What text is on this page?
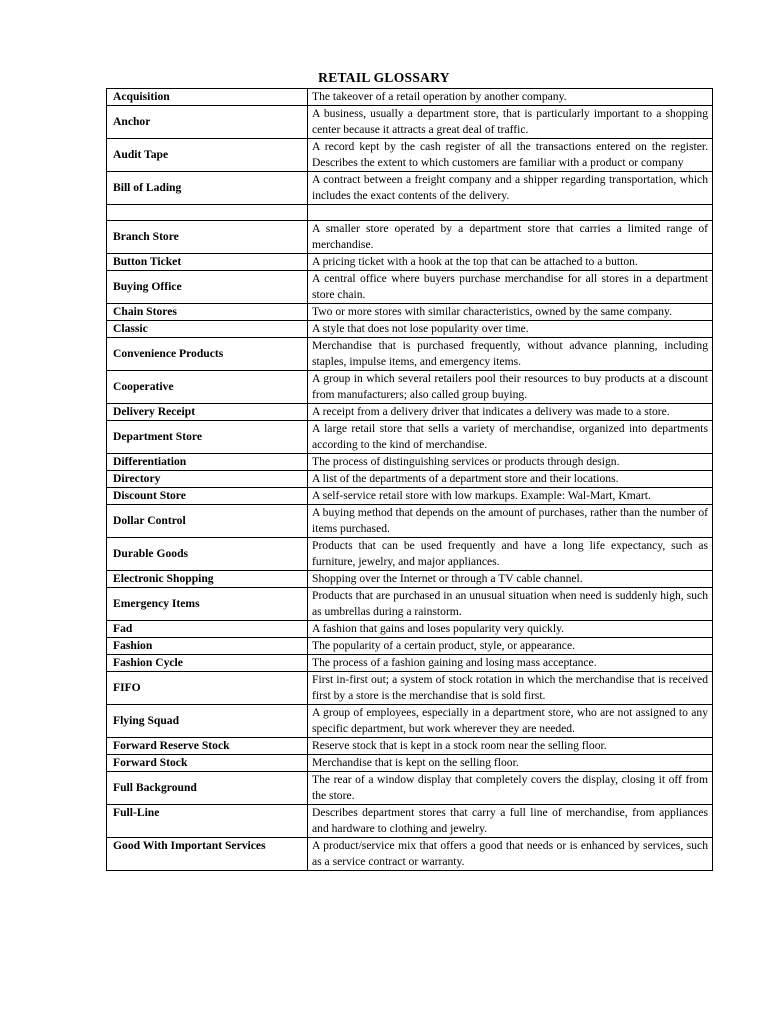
RETAIL GLOSSARY
Acquisition	The takeover of a retail operation by another company.
Anchor	A business, usually a department store, that is particularly important to a shopping center because it attracts a great deal of traffic.
Audit Tape	A record kept by the cash register of all the transactions entered on the register. Describes the extent to which customers are familiar with a product or company
Bill of Lading	A contract between a freight company and a shipper regarding transportation, which includes the exact contents of the delivery.

Branch Store	A smaller store operated by a department store that carries a limited range of merchandise.
Button Ticket	A pricing ticket with a hook at the top that can be attached to a button.
Buying Office	A central office where buyers purchase merchandise for all stores in a department store chain.
Chain Stores	Two or more stores with similar characteristics, owned by the same company.
Classic	A style that does not lose popularity over time.
Convenience Products	Merchandise that is purchased frequently, without advance planning, including staples, impulse items, and emergency items.
Cooperative	A group in which several retailers pool their resources to buy products at a discount from manufacturers; also called group buying.
Delivery Receipt	A receipt from a delivery driver that indicates a delivery was made to a store.
Department Store	A large retail store that sells a variety of merchandise, organized into departments according to the kind of merchandise.
Differentiation	The process of distinguishing services or products through design.
Directory	A list of the departments of a department store and their locations.
Discount Store	A self-service retail store with low markups. Example: Wal-Mart, Kmart.
Dollar Control	A buying method that depends on the amount of purchases, rather than the number of items purchased.
Durable Goods	Products that can be used frequently and have a long life expectancy, such as furniture, jewelry, and major appliances.
Electronic Shopping	Shopping over the Internet or through a TV cable channel.
Emergency Items	Products that are purchased in an unusual situation when need is suddenly high, such as umbrellas during a rainstorm.
Fad	A fashion that gains and loses popularity very quickly.
Fashion	The popularity of a certain product, style, or appearance.
Fashion Cycle	The process of a fashion gaining and losing mass acceptance.
FIFO	First in-first out; a system of stock rotation in which the merchandise that is received first by a store is the merchandise that is sold first.
Flying Squad	A group of employees, especially in a department store, who are not assigned to any specific department, but work wherever they are needed.
Forward Reserve Stock	Reserve stock that is kept in a stock room near the selling floor.
Forward Stock	Merchandise that is kept on the selling floor.
Full Background	The rear of a window display that completely covers the display, closing it off from the store.
Full-Line	Describes department stores that carry a full line of merchandise, from appliances and hardware to clothing and jewelry.
Good With Important Services	A product/service mix that offers a good that needs or is enhanced by services, such as a service contract or warranty.
